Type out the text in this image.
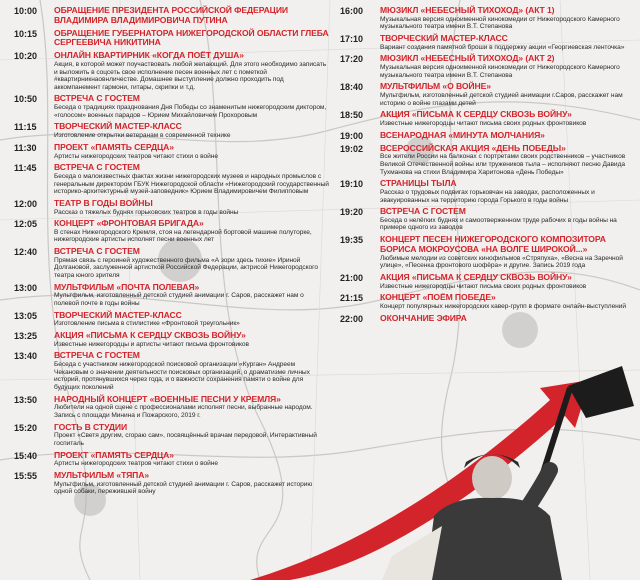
10:00	ОБРАЩЕНИЕ ПРЕЗИДЕНТА РОССИЙСКОЙ ФЕДЕРАЦИИ ВЛАДИМИРА ВЛАДИМИРОВИЧА ПУТИНА
10:15	ОБРАЩЕНИЕ ГУБЕРНАТОРА НИЖЕГОРОДСКОЙ ОБЛАСТИ ГЛЕБА СЕРГЕЕВИЧА НИКИТИНА
10:20	ОНЛАЙН КВАРТИРНИК «КОГДА ПОЁТ ДУША»
Акция, в которой может поучаствовать любой желающий. Для этого необходимо записать и выложить в соцсеть свое исполнение песен военных лет с пометкой #квартирникнаовнличестве. Домашнее выступление должно проходить под аккомпанемент гармони, гитары, скрипки и т.д.
10:50	ВСТРЕЧА С ГОСТЕМ
Беседа о традициях празднования Дня Победы со знаменитым нижегородским диктором, «голосом» военных парадов – Юрием Михайловичем Прохоровым
11:15	ТВОРЧЕСКИЙ МАСТЕР-КЛАСС
Изготовление открытки ветеранам в современной технике
11:30	ПРОЕКТ «ПАМЯТЬ СЕРДЦА»
Артисты нижегородских театров читают стихи о войне
11:45	ВСТРЕЧА С ГОСТЕМ
Беседа о малоизвестных фактах жизни нижегородских музеев и народных промыслов с генеральным директором ГБУК Нижегородской области «Нижегородский государственный историко-архитектурный музей-заповедник» Юрием Владимировичем Филипповым
12:00	ТЕАТР В ГОДЫ ВОЙНЫ
Рассказ о тяжелых буднях горьковских театров в годы войны
12:05	КОНЦЕРТ «ФРОНТОВАЯ БРИГАДА»
В стенах Нижегородского Кремля, стоя на легендарной бортовой машине полуторке, нижегородские артисты исполнят песни военных лет
12:40	ВСТРЕЧА С ГОСТЕМ
Прямая связь с героиней художественного фильма «А зори здесь тихие» Ириной Долгановой, заслуженной артисткой Российской Федерации, актрисой Нижегородского театра юного зрителя
13:00	МУЛЬТФИЛЬМ «ПОЧТА ПОЛЕВАЯ»
Мультфильм, изготовленный детской студией анимации г. Саров, расскажет нам о полевой почте в годы войны
13:05	ТВОРЧЕСКИЙ МАСТЕР-КЛАСС
Изготовление письма в стилистике «Фронтовой треугольник»
13:25	АКЦИЯ «ПИСЬМА К СЕРДЦУ СКВОЗЬ ВОЙНУ»
Известные нижегородцы и артисты читают письма фронтовиков
13:40	ВСТРЕЧА С ГОСТЕМ
Беседа с участником нижегородской поисковой организации «Курган» Андреем Чекановым о значении деятельности поисковых организаций, о драматизме личных историй, протянувшихся через года, и о важности сохранения памяти о войне для будущих поколений
13:50	НАРОДНЫЙ КОНЦЕРТ «ВОЕННЫЕ ПЕСНИ У КРЕМЛЯ»
Любители на одной сцене с профессионалами исполнят песни, выбранные народом. Запись с площади Минина и Пожарского, 2019 г.
15:20	ГОСТЬ В СТУДИИ
Проект «Светя другим, сгораю сам», посвящённый врачам передовой. Интерактивный госпиталь
15:40	ПРОЕКТ «ПАМЯТЬ СЕРДЦА»
Артисты нижегородских театров читают стихи о войне
15:55	МУЛЬТФИЛЬМ «ТЯПА»
Мультфильм, изготовленный детской студией анимации г. Саров, расскажет историю одной собаки, пережившей войну
16:00	МЮЗИКЛ «НЕБЕСНЫЙ ТИХОХОД» (АКТ 1)
Музыкальная версия одноименной кинокомедии от Нижегородского Камерного музыкального театра имени В.Т. Степанова
17:10	ТВОРЧЕСКИЙ МАСТЕР-КЛАСС
Вариант создания памятной броши в поддержку акции «Георгиевская ленточка»
17:20	МЮЗИКЛ «НЕБЕСНЫЙ ТИХОХОД» (АКТ 2)
Музыкальная версия одноименной кинокомедии от Нижегородского Камерного музыкального театра имени В.Т. Степанова
18:40	МУЛЬТФИЛЬМ «О ВОЙНЕ»
Мультфильм, изготовленный детской студией анимации г.Саров, расскажет нам историю о войне глазами детей
18:50	АКЦИЯ «ПИСЬМА К СЕРДЦУ СКВОЗЬ ВОЙНУ»
Известные нижегородцы читают письма своих родных фронтовиков
19:00	ВСЕНАРОДНАЯ «МИНУТА МОЛЧАНИЯ»
19:02	ВСЕРОССИЙСКАЯ АКЦИЯ «ДЕНЬ ПОБЕДЫ»
Все жители России на балконах с портретами своих родственников – участников Великой Отечественной войны или тружеников тыла – исполняют песню Давида Тухманова на стихи Владимира Харитонова «День Победы»
19:10	СТРАНИЦЫ ТЫЛА
Рассказ о трудовых подвигах горьковчан на заводах, расположенных и эвакуированных на территорию города Горького в годы войны
19:20	ВСТРЕЧА С ГОСТЕМ
Беседа о нелёгких буднях и самоотверженном труде рабочих в годы войны на примере одного из заводов
19:35	КОНЦЕРТ ПЕСЕН НИЖЕГОРОДСКОГО КОМПОЗИТОРА БОРИСА МОКРОУСОВА «НА ВОЛГЕ ШИРОКОЙ...»
Любимые мелодии из советских кинофильмов «Стряпуха», «Весна на Заречной улице», «Песенка фронтового шофёра» и другие. Запись 2019 года
21:00	АКЦИЯ «ПИСЬМА К СЕРДЦУ СКВОЗЬ ВОЙНУ»
Известные нижегородцы читают письма своих родных фронтовиков
21:15	КОНЦЕРТ «ПОЁМ ПОБЕДЕ»
Концерт популярных нижегородских кавер-групп в формате онлайн-выступлений
22:00	ОКОНЧАНИЕ ЭФИРА
